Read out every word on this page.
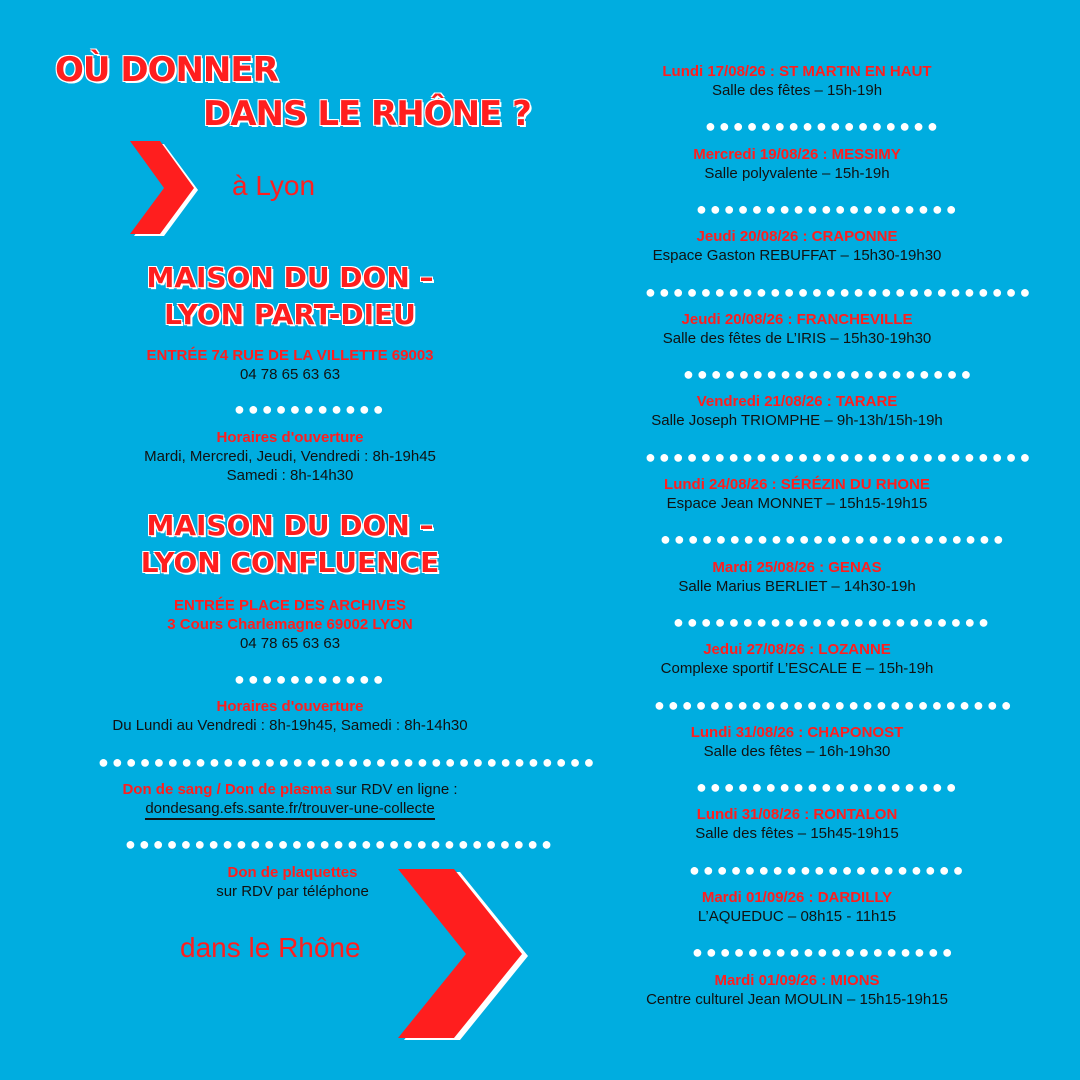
OÙ DONNER
DANS LE RHÔNE ?
à Lyon
MAISON DU DON –
LYON PART-DIEU
ENTRÉE 74 RUE DE LA VILLETTE 69003
04 78 65 63 63
●●●●●●●●●●●
Horaires d'ouverture
Mardi, Mercredi, Jeudi, Vendredi : 8h-19h45
Samedi : 8h-14h30
MAISON DU DON –
LYON CONFLUENCE
ENTRÉE PLACE DES ARCHIVES
3 Cours Charlemagne 69002 LYON
04 78 65 63 63
●●●●●●●●●●●
Horaires d'ouverture
Du Lundi au Vendredi : 8h-19h45, Samedi : 8h-14h30
●●●●●●●●●●●●●●●●●●●●●●●●●●●●●●●●●●●●
Don de sang / Don de plasma sur RDV en ligne :
dondesang.efs.sante.fr/trouver-une-collecte
●●●●●●●●●●●●●●●●●●●●●●●●●●●●●●●
Don de plaquettes
sur RDV par téléphone
dans le Rhône
Lundi 17/08/26 : ST MARTIN EN HAUT
Salle des fêtes – 15h-19h
●●●●●●●●●●●●●●●●●
Mercredi 19/08/26 : MESSIMY
Salle polyvalente – 15h-19h
●●●●●●●●●●●●●●●●●●●
Jeudi 20/08/26 : CRAPONNE
Espace Gaston REBUFFAT – 15h30-19h30
●●●●●●●●●●●●●●●●●●●●●●●●●●●●
Jeudi 20/08/26 : FRANCHEVILLE
Salle des fêtes de L’IRIS – 15h30-19h30
●●●●●●●●●●●●●●●●●●●●●
Vendredi 21/08/26 : TARARE
Salle Joseph TRIOMPHE – 9h-13h/15h-19h
●●●●●●●●●●●●●●●●●●●●●●●●●●●●
Lundi 24/08/26 : SÉRÉZIN DU RHONE
Espace Jean MONNET – 15h15-19h15
●●●●●●●●●●●●●●●●●●●●●●●●●
Mardi 25/08/26 : GENAS
Salle Marius BERLIET – 14h30-19h
●●●●●●●●●●●●●●●●●●●●●●●
Jedui 27/08/26 : LOZANNE
Complexe sportif L’ESCALE E – 15h-19h
●●●●●●●●●●●●●●●●●●●●●●●●●●
Lundi 31/08/26 : CHAPONOST
Salle des fêtes – 16h-19h30
●●●●●●●●●●●●●●●●●●●
Lundi 31/08/26 : RONTALON
Salle des fêtes – 15h45-19h15
●●●●●●●●●●●●●●●●●●●●
Mardi 01/09/26 : DARDILLY
L’AQUEDUC – 08h15 - 11h15
●●●●●●●●●●●●●●●●●●●
Mardi 01/09/26 : MIONS
Centre culturel Jean MOULIN – 15h15-19h15
